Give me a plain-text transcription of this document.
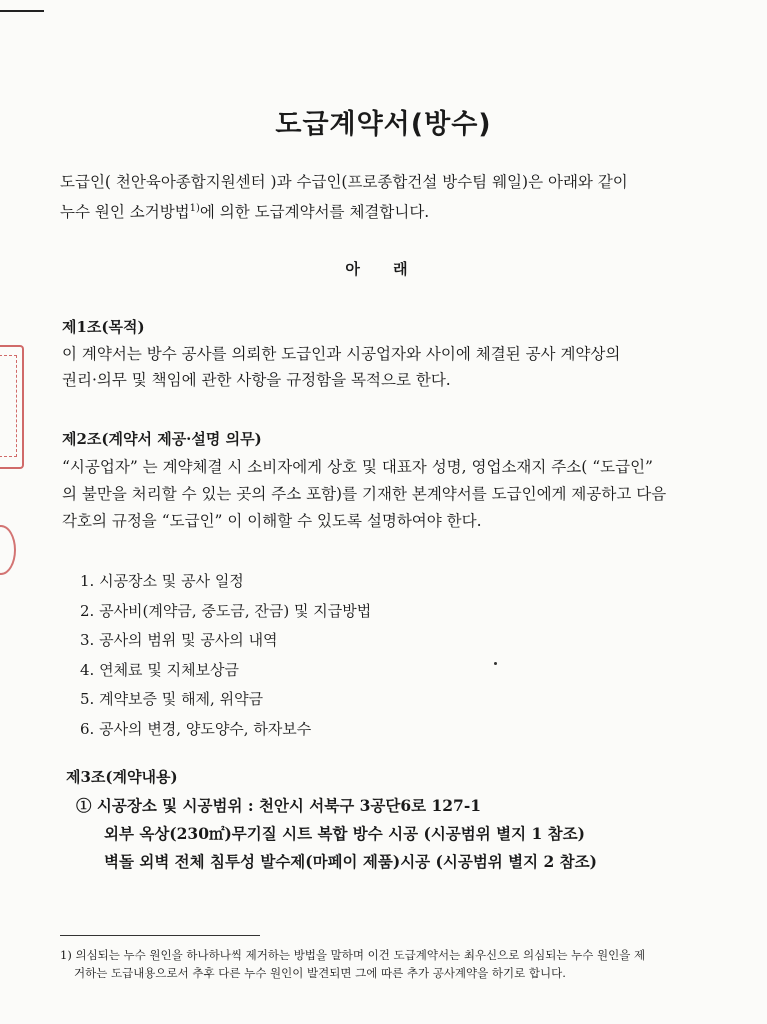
도급계약서(방수)
도급인( 천안육아종합지원센터 )과 수급인(프로종합건설 방수팀 웨일)은 아래와 같이
누수 원인 소거방법$^{1)}$에 의한 도급계약서를 체결합니다.
아 래
제1조(목적)
이 계약서는 방수 공사를 의뢰한 도급인과 시공업자와 사이에 체결된 공사 계약상의
권리·의무 및 책임에 관한 사항을 규정함을 목적으로 한다.
제2조(계약서 제공·설명 의무)
“시공업자” 는 계약체결 시 소비자에게 상호 및 대표자 성명, 영업소재지 주소( “도급인”
의 불만을 처리할 수 있는 곳의 주소 포함)를 기재한 본계약서를 도급인에게 제공하고 다음
각호의 규정을 “도급인” 이 이해할 수 있도록 설명하여야 한다.
1. 시공장소 및 공사 일정
2. 공사비(계약금, 중도금, 잔금) 및 지급방법
3. 공사의 범위 및 공사의 내역
4. 연체료 및 지체보상금
5. 계약보증 및 해제, 위약금
6. 공사의 변경, 양도양수, 하자보수
제3조(계약내용)
① 시공장소 및 시공범위 : 천안시 서북구 3공단6로 127-1
외부 옥상(230㎡)무기질 시트 복합 방수 시공 (시공범위 별지 1 참조)
벽돌 외벽 전체 침투성 발수제(마페이 제품)시공 (시공범위 별지 2 참조)
1) 의심되는 누수 원인을 하나하나씩 제거하는 방법을 말하며 이건 도급계약서는 최우신으로 의심되는 누수 원인을 제
거하는 도급내용으로서 추후 다른 누수 원인이 발견되면 그에 따른 추가 공사계약을 하기로 합니다.
